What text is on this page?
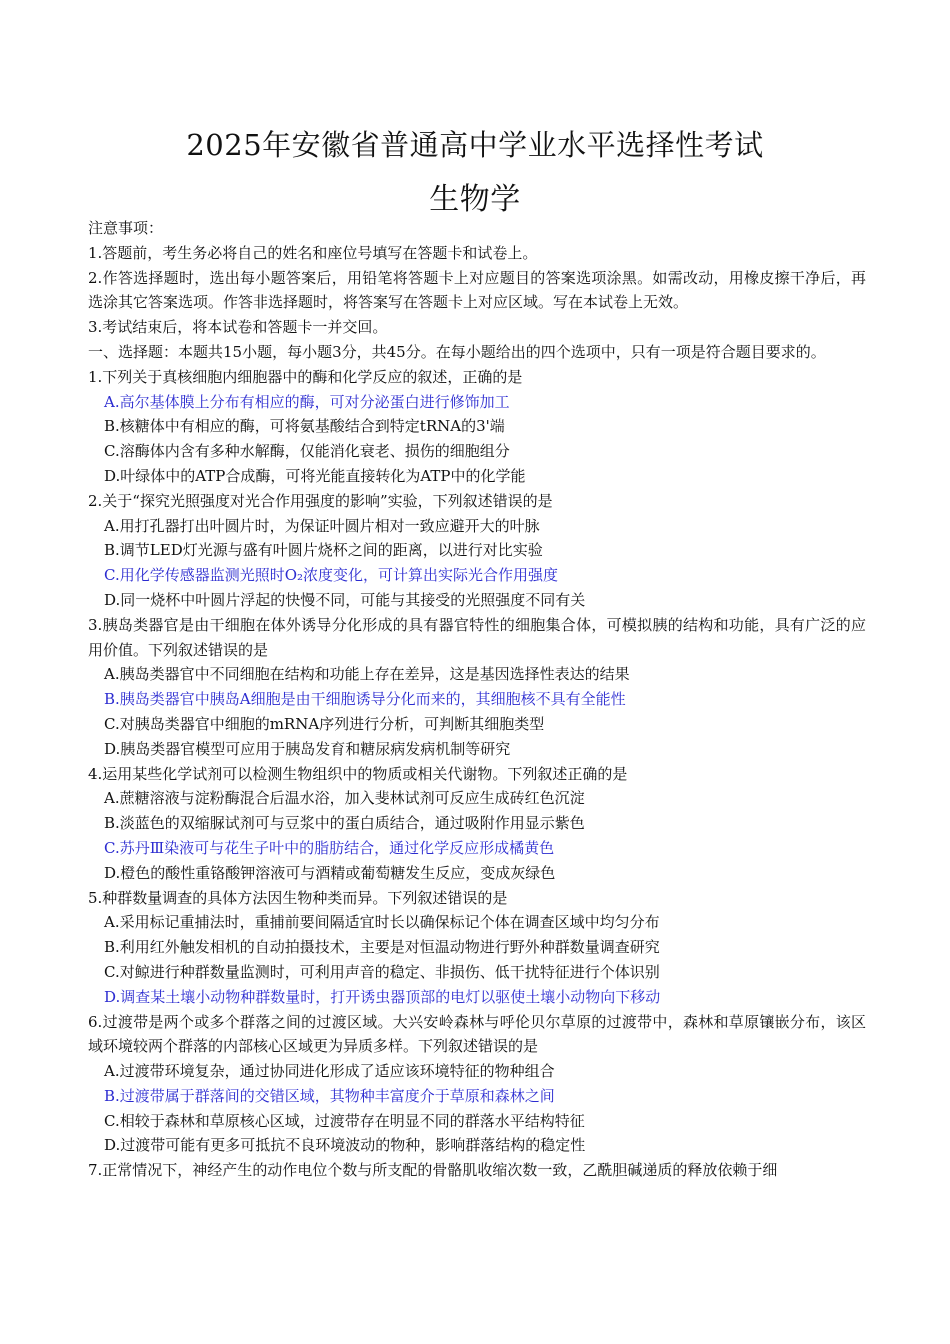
2025年安徽省普通高中学业水平选择性考试
生物学
注意事项：
1.答题前，考生务必将自己的姓名和座位号填写在答题卡和试卷上。
2.作答选择题时，选出每小题答案后，用铅笔将答题卡上对应题目的答案选项涂黑。如需改动，用橡皮擦干净后，再选涂其它答案选项。作答非选择题时，将答案写在答题卡上对应区域。写在本试卷上无效。
3.考试结束后，将本试卷和答题卡一并交回。
一、选择题：本题共15小题，每小题3分，共45分。在每小题给出的四个选项中，只有一项是符合题目要求的。
1.下列关于真核细胞内细胞器中的酶和化学反应的叙述，正确的是
A.高尔基体膜上分布有相应的酶，可对分泌蛋白进行修饰加工
B.核糖体中有相应的酶，可将氨基酸结合到特定tRNA的3'端
C.溶酶体内含有多种水解酶，仅能消化衰老、损伤的细胞组分
D.叶绿体中的ATP合成酶，可将光能直接转化为ATP中的化学能
2.关于“探究光照强度对光合作用强度的影响”实验，下列叙述错误的是
A.用打孔器打出叶圆片时，为保证叶圆片相对一致应避开大的叶脉
B.调节LED灯光源与盛有叶圆片烧杯之间的距离，以进行对比实验
C.用化学传感器监测光照时O₂浓度变化，可计算出实际光合作用强度
D.同一烧杯中叶圆片浮起的快慢不同，可能与其接受的光照强度不同有关
3.胰岛类器官是由干细胞在体外诱导分化形成的具有器官特性的细胞集合体，可模拟胰的结构和功能，具有广泛的应用价值。下列叙述错误的是
A.胰岛类器官中不同细胞在结构和功能上存在差异，这是基因选择性表达的结果
B.胰岛类器官中胰岛A细胞是由干细胞诱导分化而来的，其细胞核不具有全能性
C.对胰岛类器官中细胞的mRNA序列进行分析，可判断其细胞类型
D.胰岛类器官模型可应用于胰岛发育和糖尿病发病机制等研究
4.运用某些化学试剂可以检测生物组织中的物质或相关代谢物。下列叙述正确的是
A.蔗糖溶液与淀粉酶混合后温水浴，加入斐林试剂可反应生成砖红色沉淀
B.淡蓝色的双缩脲试剂可与豆浆中的蛋白质结合，通过吸附作用显示紫色
C.苏丹Ⅲ染液可与花生子叶中的脂肪结合，通过化学反应形成橘黄色
D.橙色的酸性重铬酸钾溶液可与酒精或葡萄糖发生反应，变成灰绿色
5.种群数量调查的具体方法因生物种类而异。下列叙述错误的是
A.采用标记重捕法时，重捕前要间隔适宜时长以确保标记个体在调查区域中均匀分布
B.利用红外触发相机的自动拍摄技术，主要是对恒温动物进行野外种群数量调查研究
C.对鲸进行种群数量监测时，可利用声音的稳定、非损伤、低干扰特征进行个体识别
D.调查某土壤小动物种群数量时，打开诱虫器顶部的电灯以驱使土壤小动物向下移动
6.过渡带是两个或多个群落之间的过渡区域。大兴安岭森林与呼伦贝尔草原的过渡带中，森林和草原镶嵌分布，该区域环境较两个群落的内部核心区域更为异质多样。下列叙述错误的是
A.过渡带环境复杂，通过协同进化形成了适应该环境特征的物种组合
B.过渡带属于群落间的交错区域，其物种丰富度介于草原和森林之间
C.相较于森林和草原核心区域，过渡带存在明显不同的群落水平结构特征
D.过渡带可能有更多可抵抗不良环境波动的物种，影响群落结构的稳定性
7.正常情况下，神经产生的动作电位个数与所支配的骨骼肌收缩次数一致，乙酰胆碱递质的释放依赖于细
